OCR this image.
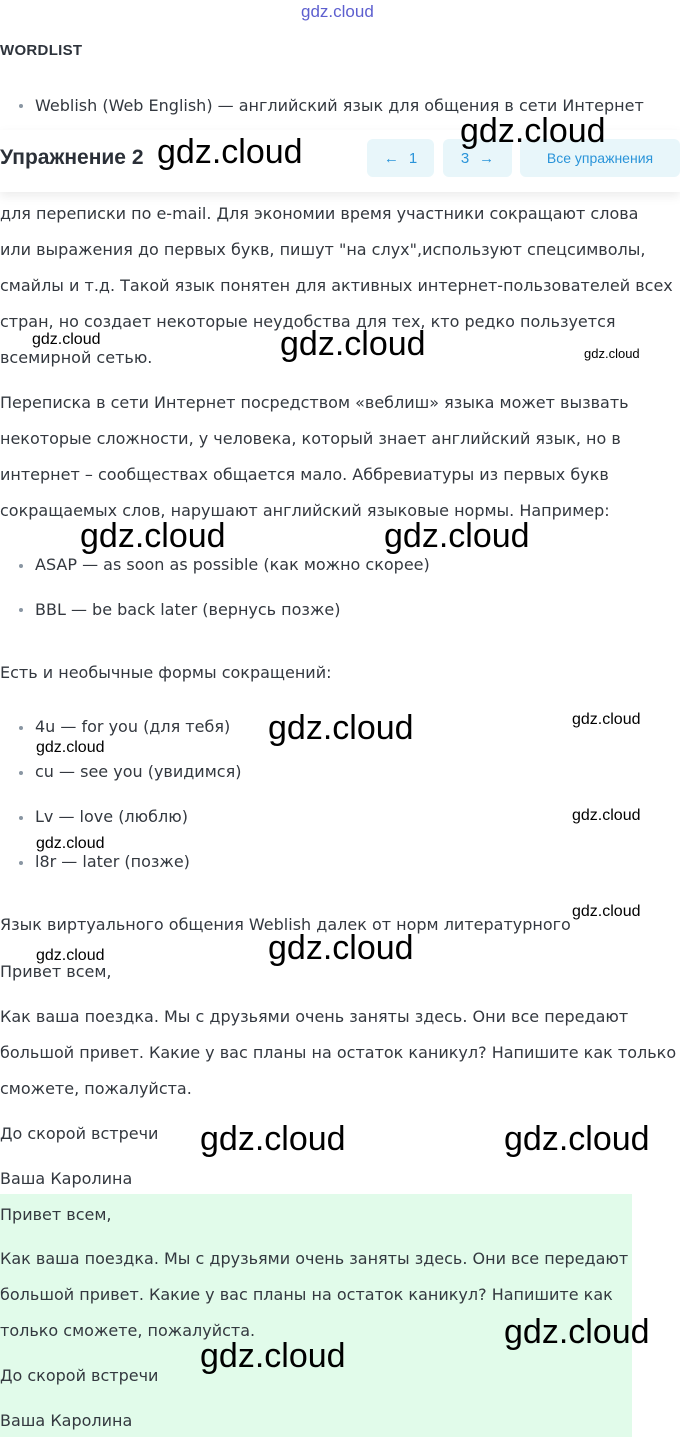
gdz.cloud
WORDLIST
Weblish (Web English) — английский язык для общения в сети Интернет
Упражнение 2	← 1	3 →	Все упражнения
для переписки по e-mail. Для экономии время участники сокращают слова
или выражения до первых букв, пишут "на слух",используют спецсимволы,
смайлы и т.д. Такой язык понятен для активных интернет-пользователей всех
стран, но создает некоторые неудобства для тех, кто редко пользуется
всемирной сетью.
Переписка в сети Интернет посредством «веблиш» языка может вызвать
некоторые сложности, у человека, который знает английский язык, но в
интернет – сообществах общается мало. Аббревиатуры из первых букв
сокращаемых слов, нарушают английский языковые нормы. Например:
ASAP — as soon as possible (как можно скорее)
BBL — be back later (вернусь позже)
Есть и необычные формы сокращений:
4u — for you (для тебя)
cu — see you (увидимся)
Lv — love (люблю)
l8r — later (позже)
Язык виртуального общения Weblish далек от норм литературного
Привет всем,
Как ваша поездка. Мы с друзьями очень заняты здесь. Они все передают
большой привет. Какие у вас планы на остаток каникул? Напишите как только
сможете, пожалуйста.
До скорой встречи
Ваша Каролина
Привет всем,
Как ваша поездка. Мы с друзьями очень заняты здесь. Они все передают
большой привет. Какие у вас планы на остаток каникул? Напишите как
только сможете, пожалуйста.
До скорой встречи
Ваша Каролина
gdz.cloud
gdz.cloud
gdz.cloud	gdz.cloud	gdz.cloud
gdz.cloud	gdz.cloud
gdz.cloud	gdz.cloud
gdz.cloud
gdz.cloud
gdz.cloud
gdz.cloud
gdz.cloud
gdz.cloud
gdz.cloud	gdz.cloud
gdz.cloud
gdz.cloud
